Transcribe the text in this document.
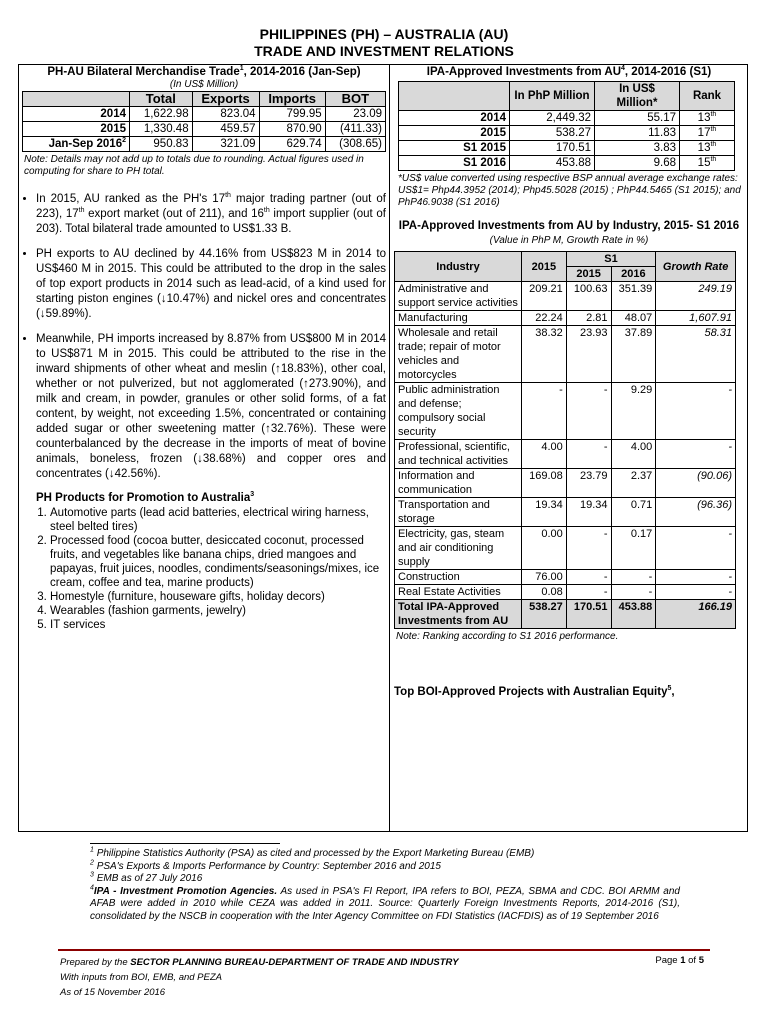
PHILIPPINES (PH) – AUSTRALIA (AU)
TRADE AND INVESTMENT RELATIONS
PH-AU Bilateral Merchandise Trade$^1$, 2014-2016 (Jan-Sep)
(In US$ Million)
	Total	Exports	Imports	BOT
2014	1,622.98	823.04	799.95	23.09
2015	1,330.48	459.57	870.90	(411.33)
Jan-Sep 2016$^2$	950.83	321.09	629.74	(308.65)
Note: Details may not add up to totals due to rounding. Actual figures used in computing for share to PH total.
• In 2015, AU ranked as the PH's 17th major trading partner (out of 223), 17th export market (out of 211), and 16th import supplier (out of 203). Total bilateral trade amounted to US$1.33 B.
• PH exports to AU declined by 44.16% from US$823 M in 2014 to US$460 M in 2015. This could be attributed to the drop in the sales of top export products in 2014 such as lead-acid, of a kind used for starting piston engines (↓10.47%) and nickel ores and concentrates (↓59.89%).
• Meanwhile, PH imports increased by 8.87% from US$800 M in 2014 to US$871 M in 2015. This could be attributed to the rise in the inward shipments of other wheat and meslin (↑18.83%), other coal, whether or not pulverized, but not agglomerated (↑273.90%), and milk and cream, in powder, granules or other solid forms, of a fat content, by weight, not exceeding 1.5%, concentrated or containing added sugar or other sweetening matter (↑32.76%). These were counterbalanced by the decrease in the imports of meat of bovine animals, boneless, frozen (↓38.68%) and copper ores and concentrates (↓42.56%).
PH Products for Promotion to Australia$^3$
1. Automotive parts (lead acid batteries, electrical wiring harness, steel belted tires)
2. Processed food (cocoa butter, desiccated coconut, processed fruits, and vegetables like banana chips, dried mangoes and papayas, fruit juices, noodles, condiments/seasonings/mixes, ice cream, coffee and tea, marine products)
3. Homestyle (furniture, houseware gifts, holiday decors)
4. Wearables (fashion garments, jewelry)
5. IT services
IPA-Approved Investments from $AU^4$, 2014-2016 (S1)
	In PhP Million	In US$ Million*	Rank
2014	2,449.32	55.17	13th
2015	538.27	11.83	17th
S1 2015	170.51	3.83	13th
S1 2016	453.88	9.68	15th
*US$ value converted using respective BSP annual average exchange rates: US$1= Php44.3952 (2014); Php45.5028 (2015) ; PhP44.5465 (S1 2015); and PhP46.9038 (S1 2016)
IPA-Approved Investments from AU by Industry, 2015- S1 2016 (Value in PhP M, Growth Rate in %)
Industry	2015	S1		Growth Rate
		2015	2016	
Administrative and support service activities	209.21	100.63	351.39	249.19
Manufacturing	22.24	2.81	48.07	1,607.91
Wholesale and retail trade; repair of motor vehicles and motorcycles	38.32	23.93	37.89	58.31
Public administration and defense; compulsory social security	-	-	9.29	-
Professional, scientific, and technical activities	4.00	-	4.00	-
Information and communication	169.08	23.79	2.37	(90.06)
Transportation and storage	19.34	19.34	0.71	(96.36)
Electricity, gas, steam and air conditioning supply	0.00	-	0.17	-
Construction	76.00	-	-	-
Real Estate Activities	0.08	-	-	-
Total IPA-Approved Investments from AU	538.27	170.51	453.88	166.19
Note: Ranking according to S1 2016 performance.
Top BOI-Approved Projects with Australian Equity$^5$,
$^1$ Philippine Statistics Authority (PSA) as cited and processed by the Export Marketing Bureau (EMB)
$^2$ PSA's Exports & Imports Performance by Country: September 2016 and 2015
$^3$ EMB as of 27 July 2016
$^4$IPA - Investment Promotion Agencies. As used in PSA's FI Report, IPA refers to BOI, PEZA, SBMA and CDC. BOI ARMM and AFAB were added in 2010 while CEZA was added in 2011. Source: Quarterly Foreign Investments Reports, 2014-2016 (S1), consolidated by the NSCB in cooperation with the Inter Agency Committee on FDI Statistics (IACFDIS) as of 19 September 2016
Prepared by the SECTOR PLANNING BUREAU-DEPARTMENT OF TRADE AND INDUSTRY
With inputs from BOI, EMB, and PEZA
As of 15 November 2016
Page 1 of 5
